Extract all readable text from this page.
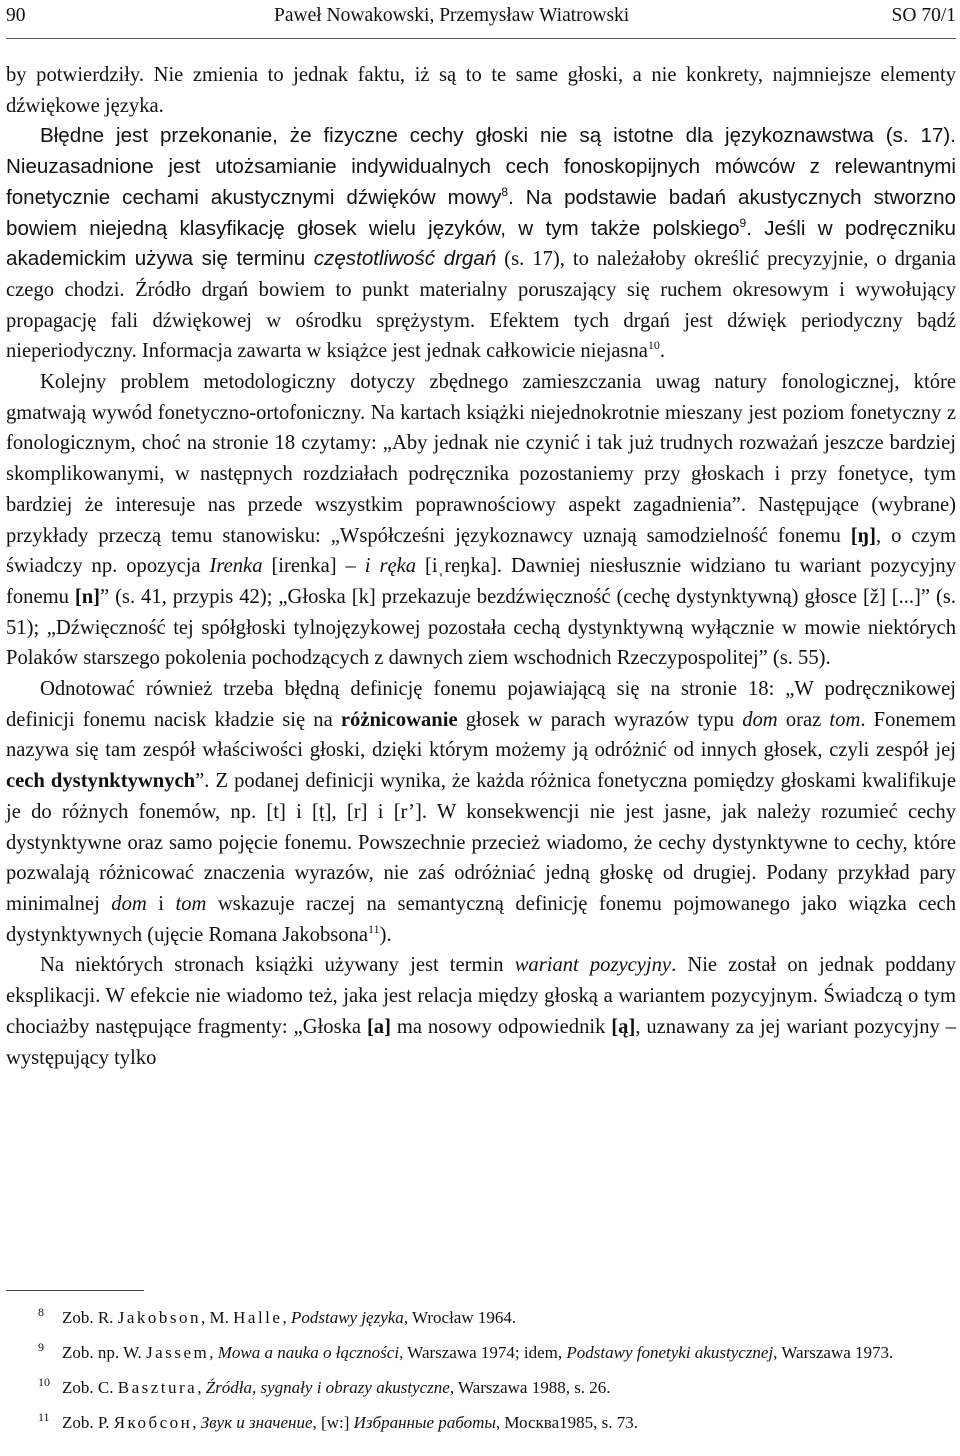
90	Paweł Nowakowski, Przemysław Wiatrowski	SO 70/1

by potwierdziły. Nie zmienia to jednak faktu, iż są to te same głoski, a nie konkrety, najmniejsze elementy dźwiękowe języka.

Błędne jest przekonanie, że fizyczne cechy głoski nie są istotne dla językoznawstwa (s. 17). Nieuzasadnione jest utożsamianie indywidualnych cech fonoskopijnych mówców z relewantnymi fonetycznie cechami akustycznymi dźwięków mowy$^8$. Na podstawie badań akustycznych stworzno bowiem niejedną klasyfikację głosek wielu języków, w tym także polskiego$^9$. Jeśli w podręczniku akademickim używa się terminu częstotliwość drgań (s. 17), to należałoby określić precyzyjnie, o drgania czego chodzi. Źródło drgań bowiem to punkt materialny poruszający się ruchem okresowym i wywołujący propagację fali dźwiękowej w ośrodku sprężystym. Efektem tych drgań jest dźwięk periodyczny bądź nieperiodyczny. Informacja zawarta w książce jest jednak całkowicie niejasna$^{10}$.

Kolejny problem metodologiczny dotyczy zbędnego zamieszczania uwag natury fonologicznej, które gmatwają wywód fonetyczno-ortofoniczny. Na kartach książki niejednokrotnie mieszany jest poziom fonetyczny z fonologicznym, choć na stronie 18 czytamy: „Aby jednak nie czynić i tak już trudnych rozważań jeszcze bardziej skomplikowanymi, w następnych rozdziałach podręcznika pozostaniemy przy głoskach i przy fonetyce, tym bardziej że interesuje nas przede wszystkim poprawnościowy aspekt zagadnienia”. Następujące (wybrane) przykłady przeczą temu stanowisku: „Współcześni językoznawcy uznają samodzielność fonemu [ŋ], o czym świadczy np. opozycja Irenka [irenka] – i ręka [iˌreŋka]. Dawniej niesłusznie widziano tu wariant pozycyjny fonemu [n]” (s. 41, przypis 42); „Głoska [k] przekazuje bezdźwięczność (cechę dystynktywną) głosce [ž] [...]” (s. 51); „Dźwięczność tej spółgłoski tylnojęzykowej pozostała cechą dystynktywną wyłącznie w mowie niektórych Polaków starszego pokolenia pochodzących z dawnych ziem wschodnich Rzeczypospolitej” (s. 55).

Odnotować również trzeba błędną definicję fonemu pojawiającą się na stronie 18: „W podręcznikowej definicji fonemu nacisk kładzie się na różnicowanie głosek w parach wyrazów typu dom oraz tom. Fonemem nazywa się tam zespół właściwości głoski, dzięki którym możemy ją odróżnić od innych głosek, czyli zespół jej cech dystynktywnych”. Z podanej definicji wynika, że każda różnica fonetyczna pomiędzy głoskami kwalifikuje je do różnych fonemów, np. [t] i [ṭ], [r] i [r’]. W konsekwencji nie jest jasne, jak należy rozumieć cechy dystynktywne oraz samo pojęcie fonemu. Powszechnie przecież wiadomo, że cechy dystynktywne to cechy, które pozwalają różnicować znaczenia wyrazów, nie zaś odróżniać jedną głoskę od drugiej. Podany przykład pary minimalnej dom i tom wskazuje raczej na semantyczną definicję fonemu pojmowanego jako wiązka cech dystynktywnych (ujęcie Romana Jakobsona$^{11}$).

Na niektórych stronach książki używany jest termin wariant pozycyjny. Nie został on jednak poddany eksplikacji. W efekcie nie wiadomo też, jaka jest relacja między głoską a wariantem pozycyjnym. Świadczą o tym chociażby następujące fragmenty: „Głoska [a] ma nosowy odpowiednik [ą], uznawany za jej wariant pozycyjny – występujący tylko

8 Zob. R. Jakobson, M. Halle, Podstawy języka, Wrocław 1964.

9 Zob. np. W. Jassem, Mowa a nauka o łączności, Warszawa 1974; idem, Podstawy fonetyki akustycznej, Warszawa 1973.

10 Zob. C. Basztura, Źródła, sygnały i obrazy akustyczne, Warszawa 1988, s. 26.

11 Zob. Р. Якобсон, Звук и значение, [w:] Избранные работы, Москва1985, s. 73.
